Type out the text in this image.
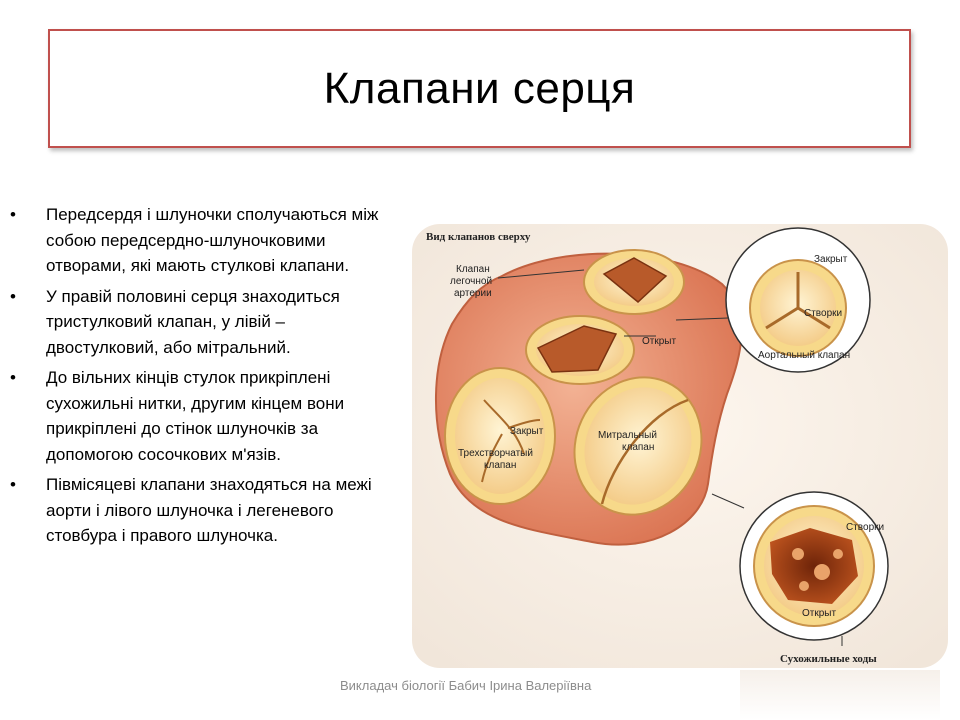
Клапани серця
• Передсердя і шлуночки сполучаються між собою передсердно-шлуночковими отворами, які мають стулкові клапани.
• У правій половині серця знаходиться тристулковий клапан, у лівій – двостулковий, або мітральний.
• До вільних кінців стулок прикріплені сухожильні нитки, другим кінцем вони прикріплені до стінок шлуночків за допомогою сосочкових м'язів.
• Півмісяцеві клапани знаходяться на межі аорти і лівого шлуночка і легеневого стовбура і правого шлуночка.
Вид клапанов сверху
Клапан
легочной
артерии
Открыт
Закрыт
Трехстворчатый
клапан
Митральный
клапан
Закрыт
Створки
Аортальный клапан
Створки
Открыт
Сухожильные ходы
Викладач біології Бабич Ірина Валеріївна
